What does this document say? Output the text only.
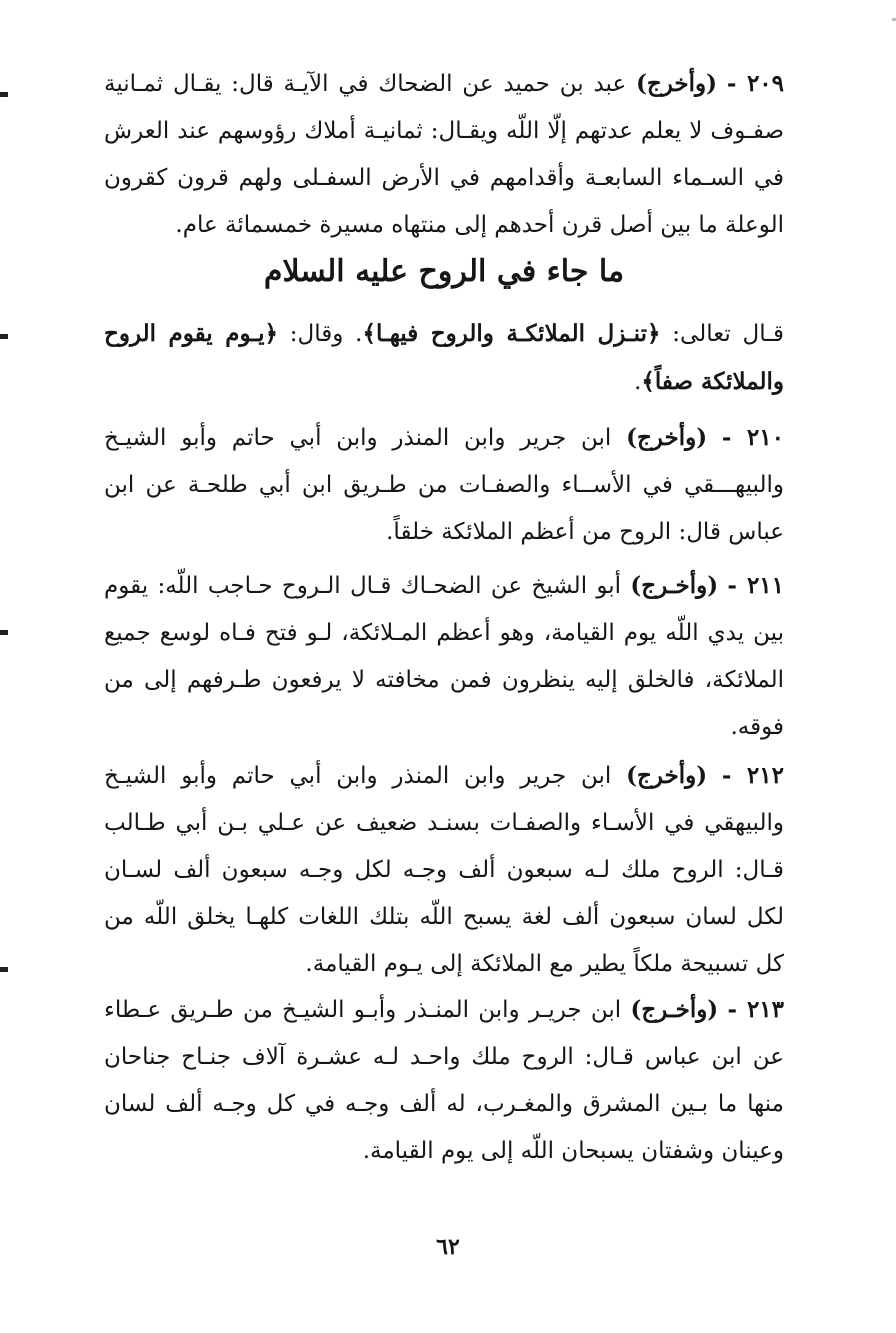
٢٠٩ - (وأخرج) عبد بن حميد عن الضحاك في الآيـة قال: يقـال ثمـانية صفـوف لا يعلم عدتهم إلّا اللّه ويقـال: ثمانيـة أملاك رؤوسهم عند العرش في السـماء السابعـة وأقدامهم في الأرض السفـلى ولهم قرون كقرون الوعلة ما بين أصل قرن أحدهم إلى منتهاه مسيرة خمسمائة عام.

ما جاء في الروح عليه السلام

قـال تعالى: ﴿تنـزل الملائكـة والروح فيهـا﴾. وقال: ﴿يـوم يقوم الروح والملائكة صفاً﴾.

٢١٠ - (وأخرج) ابن جرير وابن المنذر وابن أبي حاتم وأبو الشيـخ والبيهـــقي في الأســاء والصفـات من طـريق ابن أبي طلحـة عن ابن عباس قال: الروح من أعظم الملائكة خلقاً.

٢١١ - (وأخـرج) أبو الشيخ عن الضحـاك قـال الـروح حـاجب اللّه: يقوم بين يدي اللّه يوم القيامة، وهو أعظم المـلائكة، لـو فتح فـاه لوسع جميع الملائكة، فالخلق إليه ينظرون فمن مخافته لا يرفعون طـرفهم إلى من فوقه.

٢١٢ - (وأخرج) ابن جرير وابن المنذر وابن أبي حاتم وأبو الشيـخ والبيهقي في الأسـاء والصفـات بسنـد ضعيف عن عـلي بـن أبي طـالب قـال: الروح ملك لـه سبعون ألف وجـه لكل وجـه سبعون ألف لسـان لكل لسان سبعون ألف لغة يسبح اللّه بتلك اللغات كلهـا يخلق اللّه من كل تسبيحة ملكاً يطير مع الملائكة إلى يـوم القيامة.

٢١٣ - (وأخـرج) ابن جريـر وابن المنـذر وأبـو الشيـخ من طـريق عـطاء عن ابن عباس قـال: الروح ملك واحـد لـه عشـرة آلاف جنـاح جناحان منها ما بـين المشرق والمغـرب، له ألف وجـه في كل وجـه ألف لسان وعينان وشفتان يسبحان اللّه إلى يوم القيامة.

٦٢
